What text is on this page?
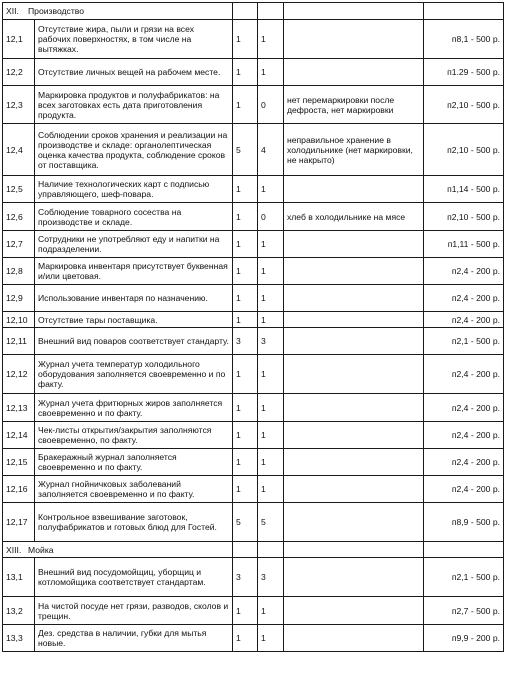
XII. Производство					
12,1	Отсутствие жира, пыли и грязи на всех рабочих поверхностях, в том числе на вытяжках.	1	1		п8,1 - 500 р.
12,2	Отсутствие личных вещей на рабочем месте.	1	1		п1.29 - 500 р.
12,3	Маркировка продуктов и полуфабрикатов: на всех заготовках есть дата приготовления продукта.	1	0	нет перемаркировки после дефроста, нет маркировки	п2,10 - 500 р.
12,4	Соблюдении сроков хранения и реализации на производстве и складе: органолептическая оценка качества продукта, соблюдение сроков от поставщика.	5	4	неправильное хранение в холодильнике (нет маркировки, не накрыто)	п2,10 - 500 р.
12,5	Наличие технологических карт с подписью управляющего, шеф-повара.	1	1		п1,14 - 500 р.
12,6	Соблюдение товарного сосества на производстве и складе.	1	0	хлеб в холодильнике на мясе	п2,10 - 500 р.
12,7	Сотрудники не употребляют еду и напитки на подразделении.	1	1		п1,11 - 500 р.
12,8	Маркировка инвентаря присутствует буквенная и/или цветовая.	1	1		п2,4 - 200 р.
12,9	Использование инвентаря по назначению.	1	1		п2,4 - 200 р.
12,10	Отсутствие тары поставщика.	1	1		п2,4 - 200 р.
12,11	Внешний вид поваров соответствует стандарту.	3	3		п2,1 - 500 р.
12,12	Журнал учета температур холодильного оборудования заполняется своевременно и по факту.	1	1		п2,4 - 200 р.
12,13	Журнал учета фритюрных жиров заполняется своевременно и по факту.	1	1		п2,4 - 200 р.
12,14	Чек-листы открытия/закрытия заполняются своевременно, по факту.	1	1		п2,4 - 200 р.
12,15	Бракеражный журнал заполняется своевременно и по факту.	1	1		п2,4 - 200 р.
12,16	Журнал гнойничковых заболеваний заполняется своевременно и по факту.	1	1		п2,4 - 200 р.
12,17	Контрольное взвешивание заготовок, полуфабрикатов и готовых блюд для Гостей.	5	5		п8,9 - 500 р.
XIII. Мойка					
13,1	Внешний вид посудомойщиц, уборщиц и котломойщика соответствует стандартам.	3	3		п2,1 - 500 р.
13,2	На чистой посуде нет грязи, разводов, сколов и трещин.	1	1		п2,7 - 500 р.
13,3	Дез. средства в наличии, губки для мытья новые.	1	1		п9,9 - 200 р.
